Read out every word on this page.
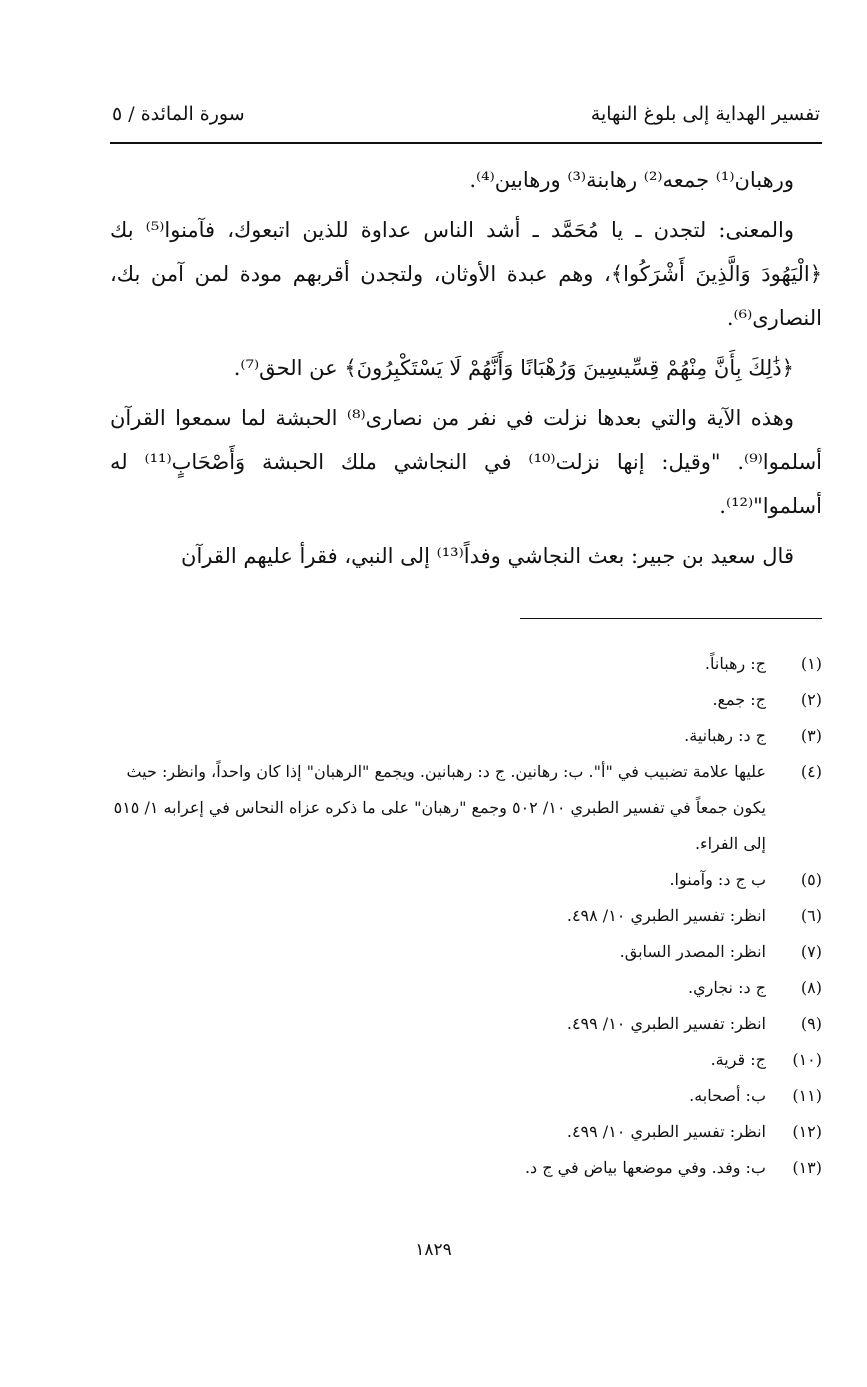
تفسير الهداية إلى بلوغ النهاية
سورة المائدة / ٥

ورهبان⁽¹⁾ جمعه⁽²⁾ رهابنة⁽³⁾ ورهابين⁽⁴⁾.

والمعنى: لتجدن ـ يا مُحَمَّد ـ أشد الناس عداوة للذين اتبعوك، فآمنوا⁽⁵⁾ بك ﴿الْيَهُودَ وَالَّذِينَ أَشْرَكُوا﴾، وهم عبدة الأوثان، ولتجدن أقربهم مودة لمن آمن بك، النصارى⁽⁶⁾.

﴿ذَٰلِكَ بِأَنَّ مِنْهُمْ قِسِّيسِينَ وَرُهْبَانًا وَأَنَّهُمْ لَا يَسْتَكْبِرُونَ﴾ عن الحق⁽⁷⁾.

وهذه الآية والتي بعدها نزلت في نفر من نصارى⁽⁸⁾ الحبشة لما سمعوا القرآن أسلموا⁽⁹⁾. "وقيل: إنها نزلت⁽¹⁰⁾ في النجاشي ملك الحبشة وَأَصْحَابٍ⁽¹¹⁾ له أسلموا"⁽¹²⁾.

قال سعيد بن جبير: بعث النجاشي وفداً⁽¹³⁾ إلى النبي، فقرأ عليهم القرآن

(١)
ج: رهباناً.
(٢)
ج: جمع.
(٣)
ج د: رهبانية.
(٤)
عليها علامة تضبيب في "أ". ب: رهانين. ج د: رهبانين. ويجمع "الرهبان" إذا كان واحداً، وانظر: حيث يكون جمعاً في تفسير الطبري ١٠/ ٥٠٢ وجمع "رهبان" على ما ذكره عزاه النحاس في إعرابه ١/ ٥١٥ إلى الفراء.
(٥)
ب ج د: وآمنوا.
(٦)
انظر: تفسير الطبري ١٠/ ٤٩٨.
(٧)
انظر: المصدر السابق.
(٨)
ج د: نجاري.
(٩)
انظر: تفسير الطبري ١٠/ ٤٩٩.
(١٠)
ج: قرية.
(١١)
ب: أصحابه.
(١٢)
انظر: تفسير الطبري ١٠/ ٤٩٩.
(١٣)
ب: وفد. وفي موضعها بياض في ج د.
١٨٢٩
